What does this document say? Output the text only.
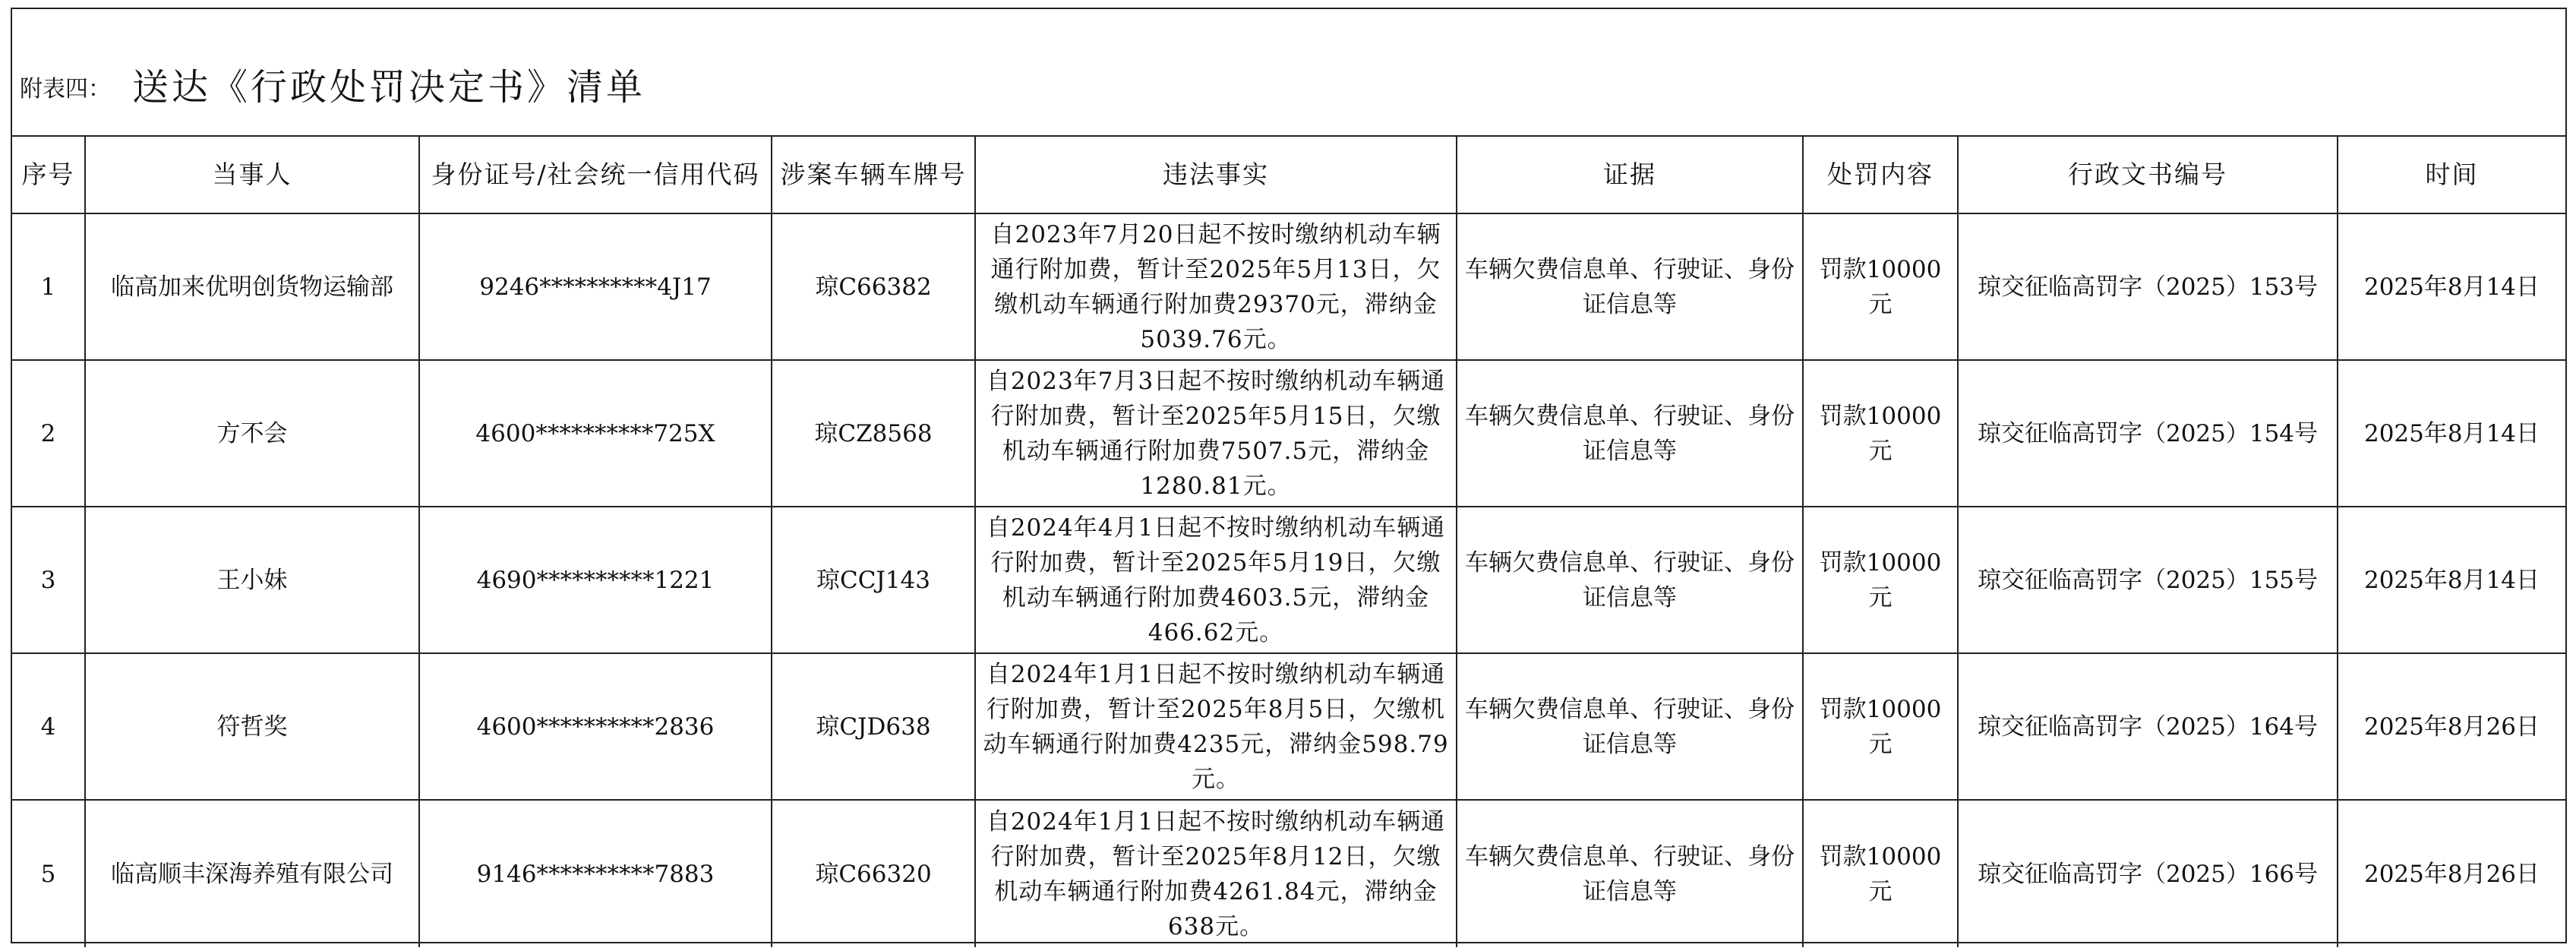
附表四： 送达《行政处罚决定书》清单
序号	当事人	身份证号/社会统一信用代码	涉案车辆车牌号	违法事实	证据	处罚内容	行政文书编号	时间
1	临高加来优明创货物运输部	9246**********4J17	琼C66382	自2023年7月20日起不按时缴纳机动车辆通行附加费，暂计至2025年5月13日，欠缴机动车辆通行附加费29370元，滞纳金5039.76元。	车辆欠费信息单、行驶证、身份证信息等	罚款10000元	琼交征临高罚字（2025）153号	2025年8月14日
2	方不会	4600**********725X	琼CZ8568	自2023年7月3日起不按时缴纳机动车辆通行附加费，暂计至2025年5月15日，欠缴机动车辆通行附加费7507.5元，滞纳金1280.81元。	车辆欠费信息单、行驶证、身份证信息等	罚款10000元	琼交征临高罚字（2025）154号	2025年8月14日
3	王小妹	4690**********1221	琼CCJ143	自2024年4月1日起不按时缴纳机动车辆通行附加费，暂计至2025年5月19日，欠缴机动车辆通行附加费4603.5元，滞纳金466.62元。	车辆欠费信息单、行驶证、身份证信息等	罚款10000元	琼交征临高罚字（2025）155号	2025年8月14日
4	符哲奖	4600**********2836	琼CJD638	自2024年1月1日起不按时缴纳机动车辆通行附加费，暂计至2025年8月5日，欠缴机动车辆通行附加费4235元，滞纳金598.79元。	车辆欠费信息单、行驶证、身份证信息等	罚款10000元	琼交征临高罚字（2025）164号	2025年8月26日
5	临高顺丰深海养殖有限公司	9146**********7883	琼C66320	自2024年1月1日起不按时缴纳机动车辆通行附加费，暂计至2025年8月12日，欠缴机动车辆通行附加费4261.84元，滞纳金638元。	车辆欠费信息单、行驶证、身份证信息等	罚款10000元	琼交征临高罚字（2025）166号	2025年8月26日
